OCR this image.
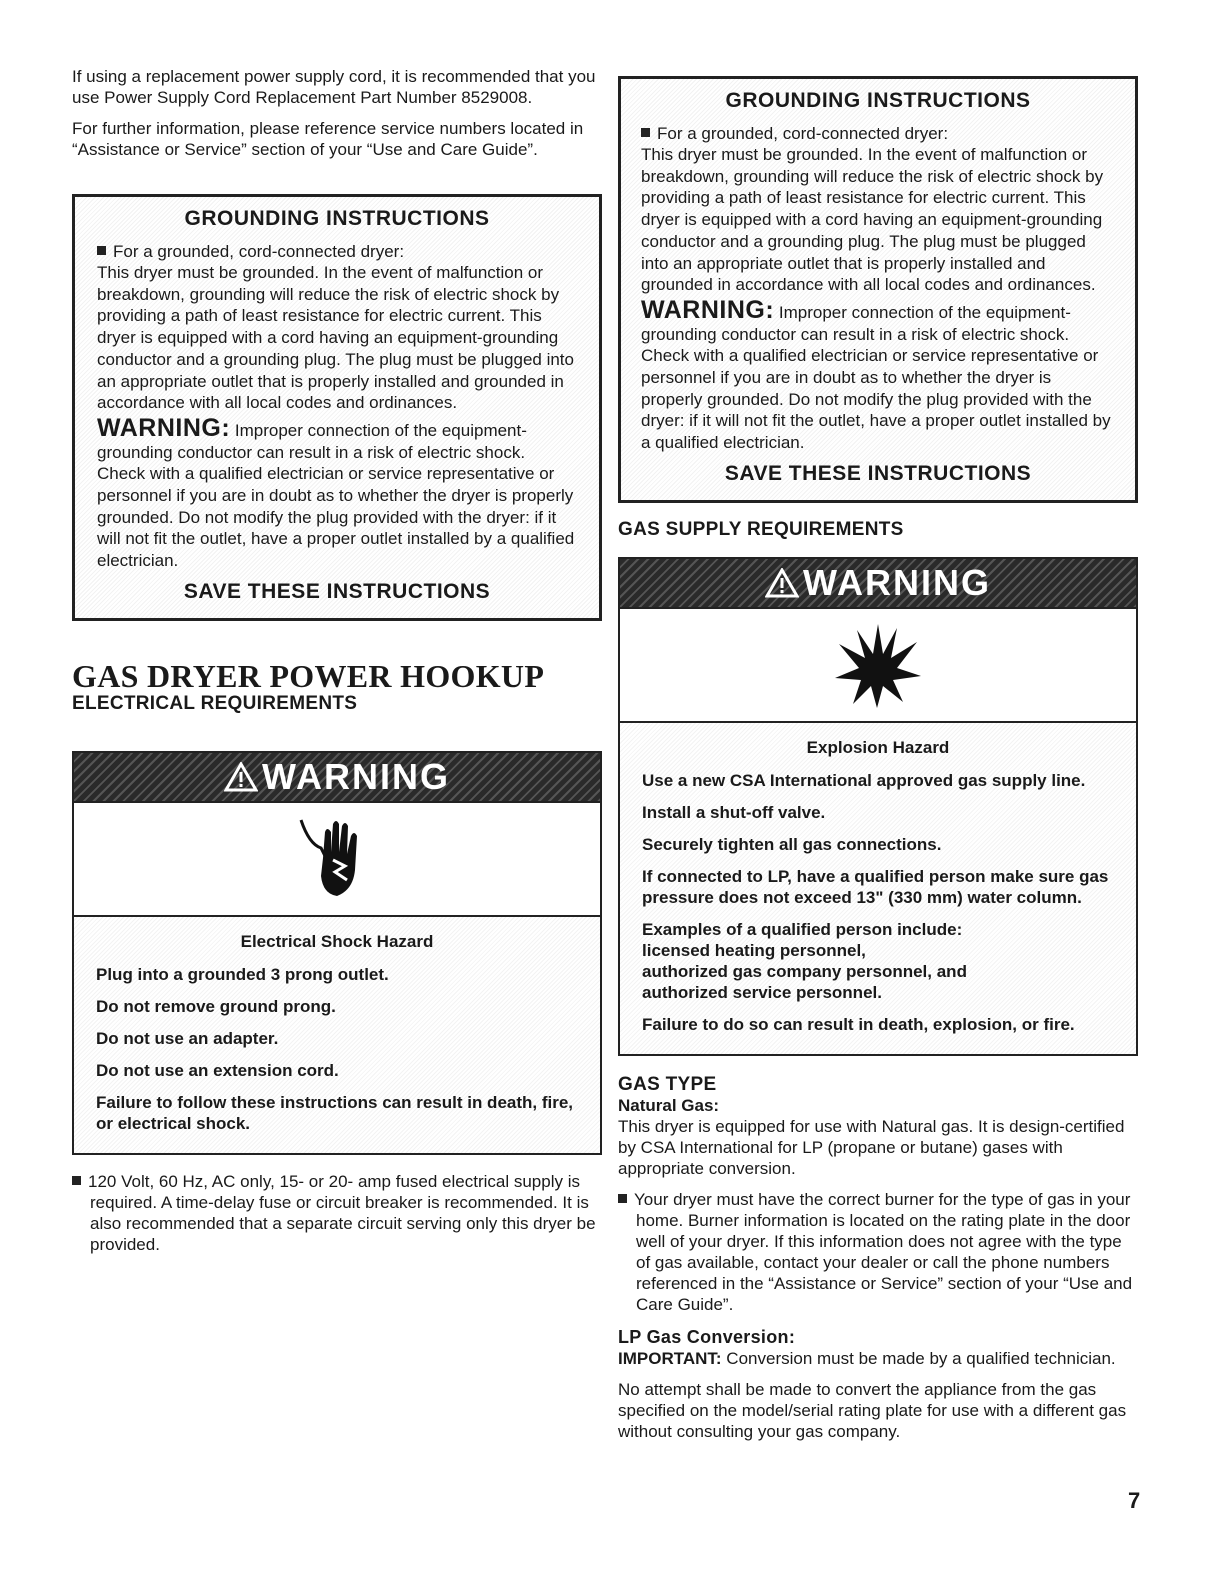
If using a replacement power supply cord, it is recommended that you use Power Supply Cord Replacement Part Number 8529008.

For further information, please reference service numbers located in “Assistance or Service” section of your “Use and Care Guide”.

GROUNDING INSTRUCTIONS
For a grounded, cord-connected dryer:

This dryer must be grounded. In the event of malfunction or breakdown, grounding will reduce the risk of electric shock by providing a path of least resistance for electric current. This dryer is equipped with a cord having an equipment-grounding conductor and a grounding plug. The plug must be plugged into an appropriate outlet that is properly installed and grounded in accordance with all local codes and ordinances.

WARNING: Improper connection of the equipment-grounding conductor can result in a risk of electric shock. Check with a qualified electrician or service representative or personnel if you are in doubt as to whether the dryer is properly grounded. Do not modify the plug provided with the dryer: if it will not fit the outlet, have a proper outlet installed by a qualified electrician.

SAVE THESE INSTRUCTIONS
GAS DRYER POWER HOOKUP
ELECTRICAL REQUIREMENTS
WARNING
Electrical Shock Hazard
Plug into a grounded 3 prong outlet.
Do not remove ground prong.
Do not use an adapter.
Do not use an extension cord.
Failure to follow these instructions can result in death, fire, or electrical shock.
120 Volt, 60 Hz, AC only, 15- or 20- amp fused electrical supply is required. A time-delay fuse or circuit breaker is recommended. It is also recommended that a separate circuit serving only this dryer be provided.
GROUNDING INSTRUCTIONS
For a grounded, cord-connected dryer:

This dryer must be grounded. In the event of malfunction or breakdown, grounding will reduce the risk of electric shock by providing a path of least resistance for electric current. This dryer is equipped with a cord having an equipment-grounding conductor and a grounding plug. The plug must be plugged into an appropriate outlet that is properly installed and grounded in accordance with all local codes and ordinances.

WARNING: Improper connection of the equipment-grounding conductor can result in a risk of electric shock. Check with a qualified electrician or service representative or personnel if you are in doubt as to whether the dryer is properly grounded. Do not modify the plug provided with the dryer: if it will not fit the outlet, have a proper outlet installed by a qualified electrician.

SAVE THESE INSTRUCTIONS
GAS SUPPLY REQUIREMENTS
WARNING
Explosion Hazard
Use a new CSA International approved gas supply line.
Install a shut-off valve.
Securely tighten all gas connections.
If connected to LP, have a qualified person make sure gas pressure does not exceed 13" (330 mm) water column.
Examples of a qualified person include:
licensed heating personnel,
authorized gas company personnel, and
authorized service personnel.
Failure to do so can result in death, explosion, or fire.
GAS TYPE
Natural Gas:

This dryer is equipped for use with Natural gas. It is design-certified by CSA International for LP (propane or butane) gases with appropriate conversion.

Your dryer must have the correct burner for the type of gas in your home. Burner information is located on the rating plate in the door well of your dryer. If this information does not agree with the type of gas available, contact your dealer or call the phone numbers referenced in the “Assistance or Service” section of your “Use and Care Guide”.
LP Gas Conversion:

IMPORTANT: Conversion must be made by a qualified technician.

No attempt shall be made to convert the appliance from the gas specified on the model/serial rating plate for use with a different gas without consulting your gas company.

7
